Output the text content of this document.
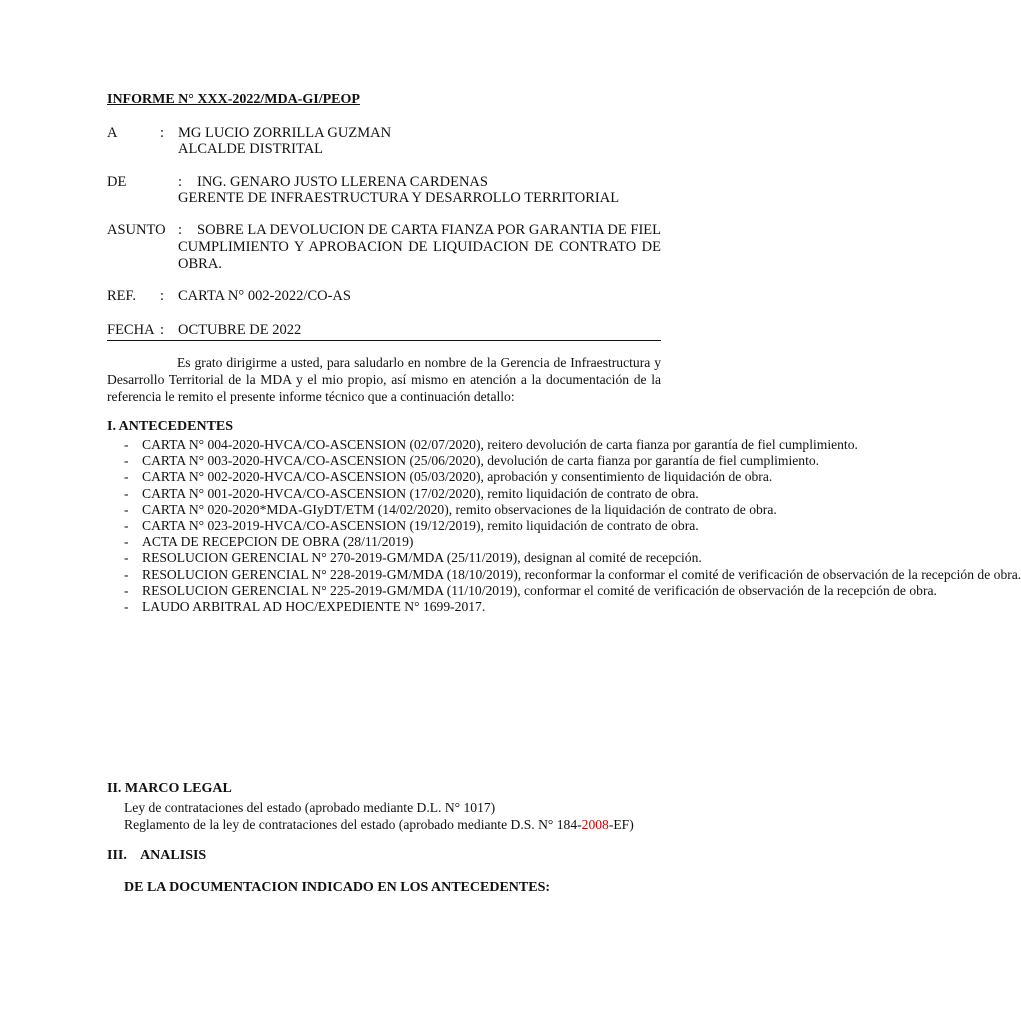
INFORME N° XXX-2022/MDA-GI/PEOP
A	: MG LUCIO ZORRILLA GUZMAN
ALCALDE DISTRITAL
DE	: ING. GENARO JUSTO LLERENA CARDENAS
GERENTE DE INFRAESTRUCTURA Y DESARROLLO TERRITORIAL
ASUNTO :	SOBRE LA DEVOLUCION DE CARTA FIANZA POR GARANTIA DE FIEL CUMPLIMIENTO Y APROBACION DE LIQUIDACION DE CONTRATO DE OBRA.
REF. : CARTA N° 002-2022/CO-AS
FECHA : OCTUBRE DE 2022
Es grato dirigirme a usted, para saludarlo en nombre de la Gerencia de Infraestructura y Desarrollo Territorial de la MDA y el mio propio, así mismo en atención a la documentación de la referencia le remito el presente informe técnico que a continuación detallo:
I. ANTECEDENTES
- CARTA N° 004-2020-HVCA/CO-ASCENSION (02/07/2020), reitero devolución de carta fianza por garantía de fiel cumplimiento.
- CARTA N° 003-2020-HVCA/CO-ASCENSION (25/06/2020), devolución de carta fianza por garantía de fiel cumplimiento.
- CARTA N° 002-2020-HVCA/CO-ASCENSION (05/03/2020), aprobación y consentimiento de liquidación de obra.
- CARTA N° 001-2020-HVCA/CO-ASCENSION (17/02/2020), remito liquidación de contrato de obra.
- CARTA N° 020-2020*MDA-GIyDT/ETM (14/02/2020), remito observaciones de la liquidación de contrato de obra.
- CARTA N° 023-2019-HVCA/CO-ASCENSION (19/12/2019), remito liquidación de contrato de obra.
- ACTA DE RECEPCION DE OBRA (28/11/2019)
- RESOLUCION GERENCIAL N° 270-2019-GM/MDA (25/11/2019), designan al comité de recepción.
- RESOLUCION GERENCIAL N° 228-2019-GM/MDA (18/10/2019), reconformar la conformar el comité de verificación de observación de la recepción de obra.
- RESOLUCION GERENCIAL N° 225-2019-GM/MDA (11/10/2019), conformar el comité de verificación de observación de la recepción de obra.
- LAUDO ARBITRAL AD HOC/EXPEDIENTE N° 1699-2017.
II. MARCO LEGAL
Ley de contrataciones del estado (aprobado mediante D.L. N° 1017)
Reglamento de la ley de contrataciones del estado (aprobado mediante D.S. N° 184-2008-EF)
III.    ANALISIS
DE LA DOCUMENTACION INDICADO EN LOS ANTECEDENTES:
